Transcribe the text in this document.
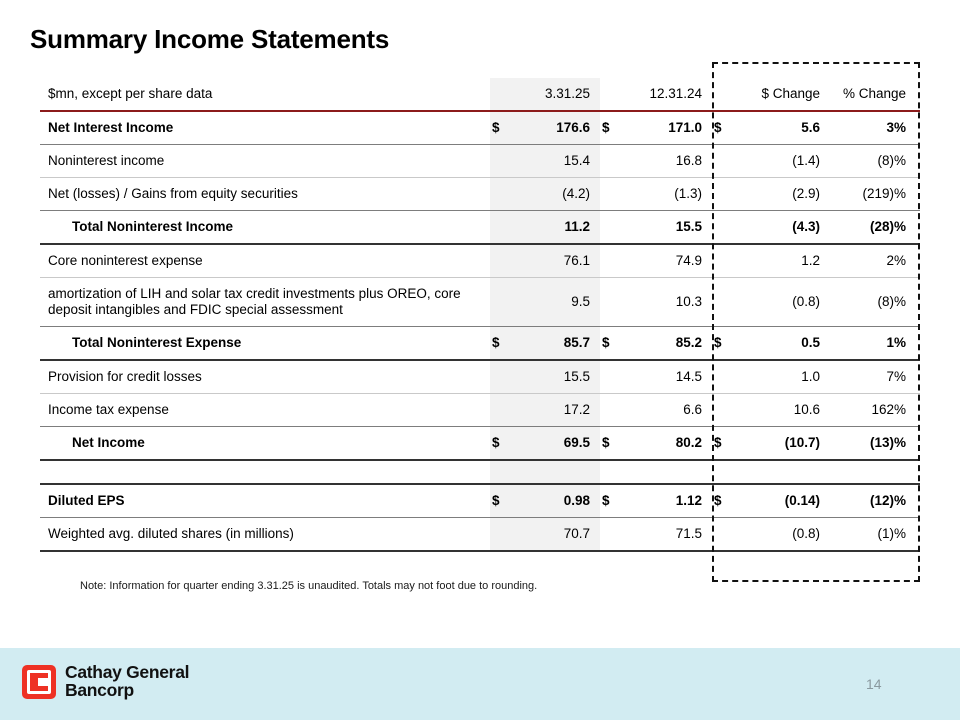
Summary Income Statements
$mn, except per share data		3.31.25		12.31.24		$ Change	% Change
Net Interest Income	$	176.6	$	171.0	$	5.6	3%
Noninterest income		15.4		16.8		(1.4)	(8)%
Net (losses) / Gains from equity securities		(4.2)		(1.3)		(2.9)	(219)%
Total Noninterest Income		11.2		15.5		(4.3)	(28)%
Core noninterest expense		76.1		74.9		1.2	2%
amortization of LIH and solar tax credit investments plus OREO, core deposit intangibles and FDIC special assessment		9.5		10.3		(0.8)	(8)%
Total Noninterest Expense	$	85.7	$	85.2	$	0.5	1%
Provision for credit losses		15.5		14.5		1.0	7%
Income tax expense		17.2		6.6		10.6	162%
Net Income	$	69.5	$	80.2	$	(10.7)	(13)%

Diluted EPS	$	0.98	$	1.12	$	(0.14)	(12)%
Weighted avg. diluted shares (in millions)		70.7		71.5		(0.8)	(1)%
Note: Information for quarter ending 3.31.25 is unaudited. Totals may not foot due to rounding.
Cathay General
Bancorp	14
